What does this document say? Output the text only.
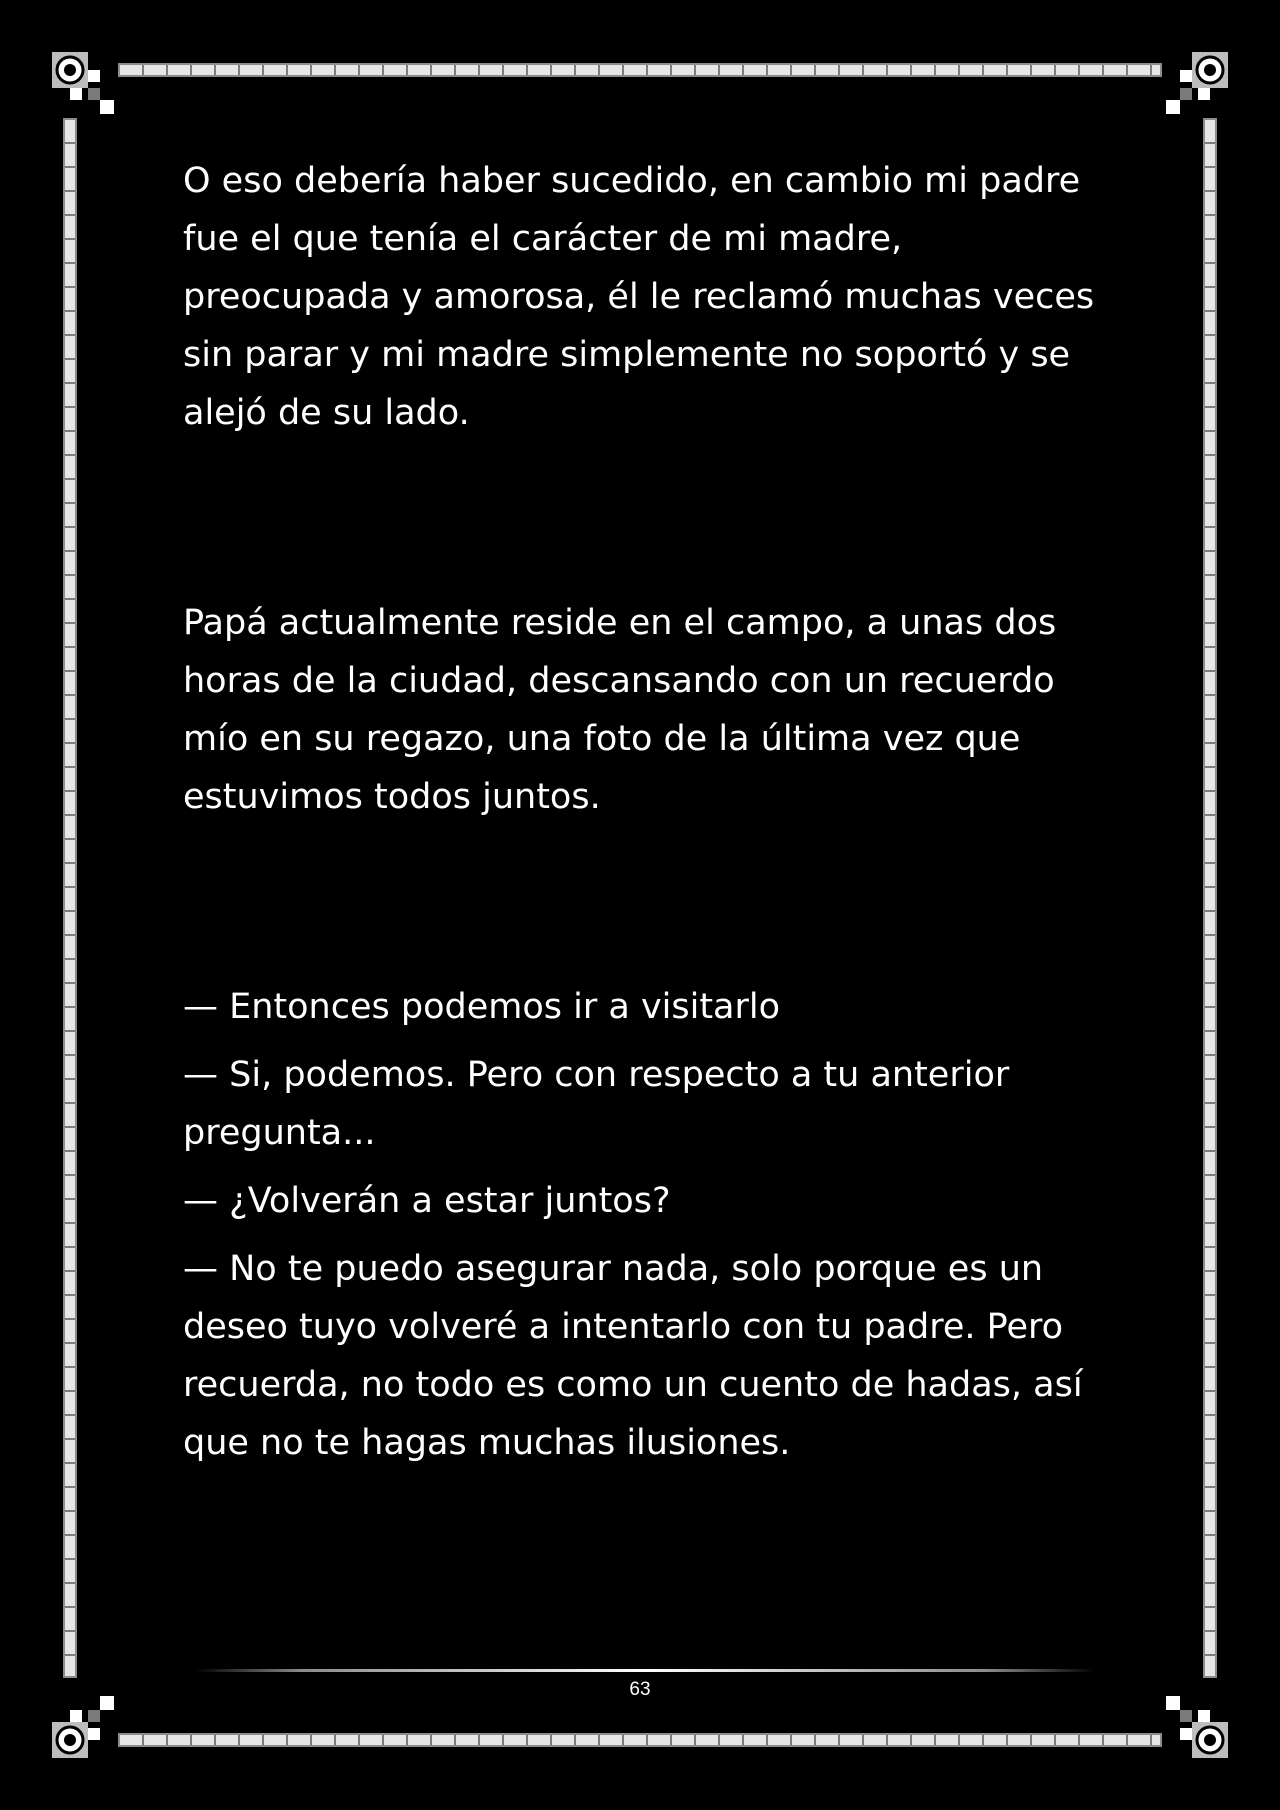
O eso debería haber sucedido, en cambio mi padre fue el que tenía el carácter de mi madre, preocupada y amorosa, él le reclamó muchas veces sin parar y mi madre simplemente no soportó y se alejó de su lado.

Papá actualmente reside en el campo, a unas dos horas de la ciudad, descansando con un recuerdo mío en su regazo, una foto de la última vez que estuvimos todos juntos.

— Entonces podemos ir a visitarlo

— Si, podemos. Pero con respecto a tu anterior pregunta...

— ¿Volverán a estar juntos?

— No te puedo asegurar nada, solo porque es un deseo tuyo volveré a intentarlo con tu padre. Pero recuerda, no todo es como un cuento de hadas, así que no te hagas muchas ilusiones.

63
